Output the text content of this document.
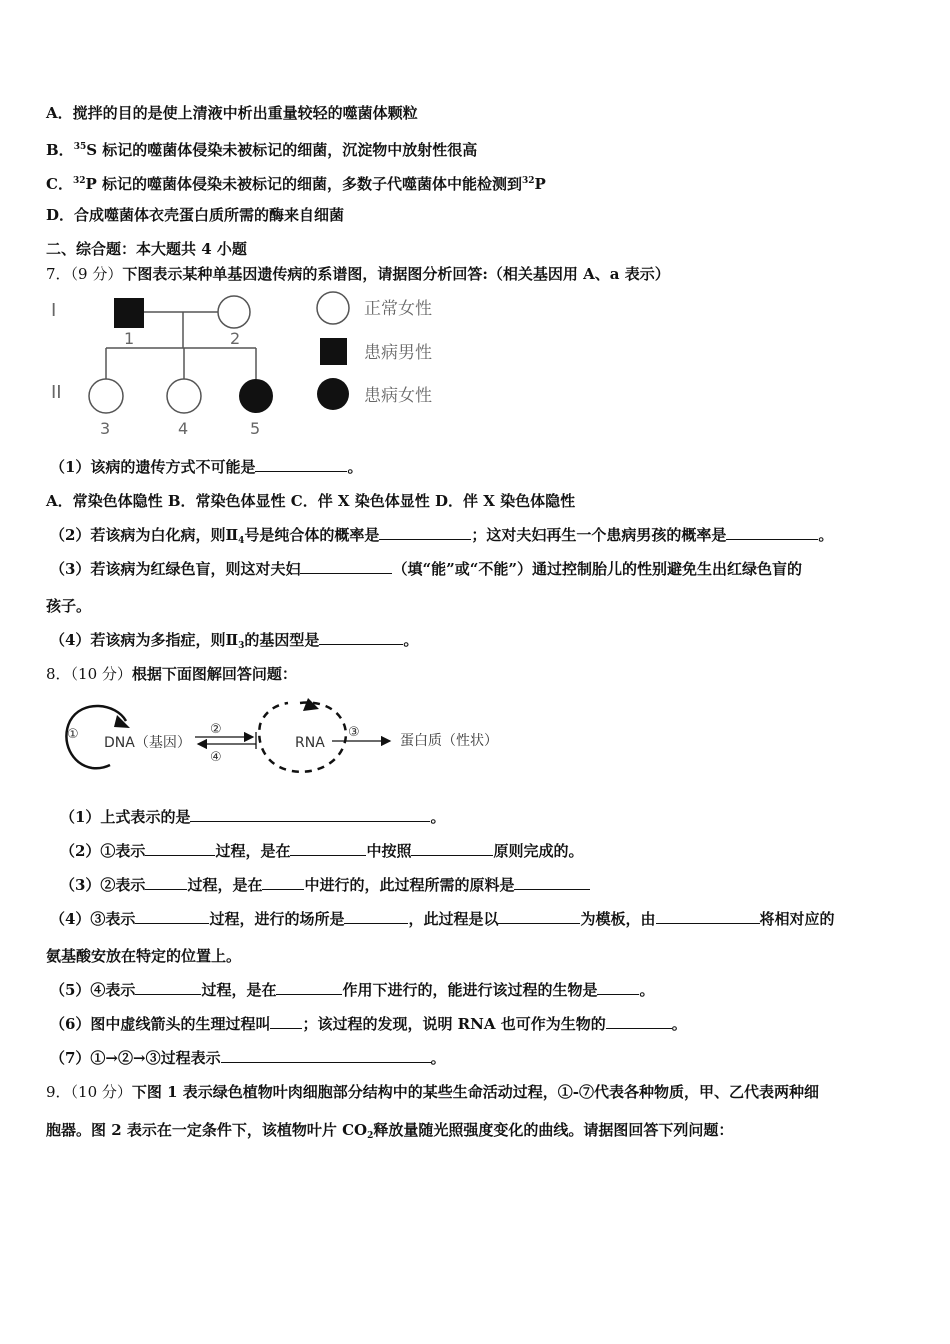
A．搅拌的目的是使上清液中析出重量较轻的噬菌体颗粒
B．$^{35}$S 标记的噬菌体侵染未被标记的细菌，沉淀物中放射性很高
C．$^{32}$P 标记的噬菌体侵染未被标记的细菌，多数子代噬菌体中能检测到$^{32}$P
D．合成噬菌体衣壳蛋白质所需的酶来自细菌
二、综合题：本大题共 4 小题
7．（9 分）下图表示某种单基因遗传病的系谱图，请据图分析回答:（相关基因用 A、a 表示）
I
II
1	2
3	4	5
正常女性
患病男性
患病女性
（1）该病的遗传方式不可能是	。
A．常染色体隐性 B．常染色体显性 C．伴 X 染色体显性 D．伴 X 染色体隐性
（2）若该病为白化病，则$Ⅱ_4$号是纯合体的概率是	；这对夫妇再生一个患病男孩的概率是	。
（3）若该病为红绿色盲，则这对夫妇	（填“能”或“不能”）通过控制胎儿的性别避免生出红绿色盲的
孩子。
（4）若该病为多指症，则$Ⅱ_3$的基因型是	。
8．（10 分）根据下面图解回答问题：
①
DNA（基因）
②
④
RNA
③
蛋白质（性状）
（1）上式表示的是	。
（2）①表示	过程，是在	中按照	原则完成的。
（3）②表示	过程，是在	中进行的，此过程所需的原料是
（4）③表示	过程，进行的场所是	，此过程是以	为模板，由	将相对应的
氨基酸安放在特定的位置上。
（5）④表示	过程，是在	作用下进行的，能进行该过程的生物是	。
（6）图中虚线箭头的生理过程叫 ；该过程的发现，说明 RNA 也可作为生物的	。
（7）①→②→③过程表示	。
9．（10 分）下图 1 表示绿色植物叶肉细胞部分结构中的某些生命活动过程，①-⑦代表各种物质，甲、乙代表两种细
胞器。图 2 表示在一定条件下，该植物叶片 $CO_2$释放量随光照强度变化的曲线。请据图回答下列问题：
